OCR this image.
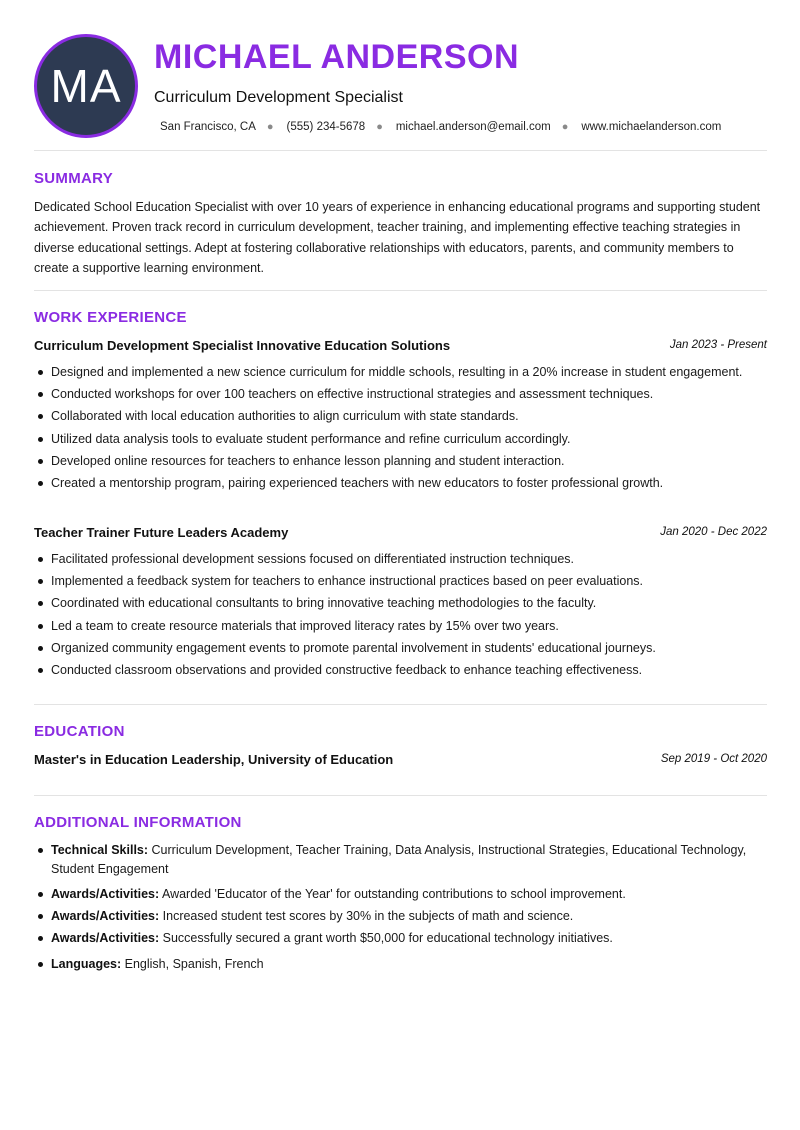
MA
MICHAEL ANDERSON
Curriculum Development Specialist
San Francisco, CA ● (555) 234-5678 ● michael.anderson@email.com ● www.michaelanderson.com
SUMMARY
Dedicated School Education Specialist with over 10 years of experience in enhancing educational programs and supporting student achievement. Proven track record in curriculum development, teacher training, and implementing effective teaching strategies in diverse educational settings. Adept at fostering collaborative relationships with educators, parents, and community members to create a supportive learning environment.
WORK EXPERIENCE
Curriculum Development Specialist Innovative Education Solutions	Jan 2023 - Present
Designed and implemented a new science curriculum for middle schools, resulting in a 20% increase in student engagement.
Conducted workshops for over 100 teachers on effective instructional strategies and assessment techniques.
Collaborated with local education authorities to align curriculum with state standards.
Utilized data analysis tools to evaluate student performance and refine curriculum accordingly.
Developed online resources for teachers to enhance lesson planning and student interaction.
Created a mentorship program, pairing experienced teachers with new educators to foster professional growth.
Teacher Trainer Future Leaders Academy	Jan 2020 - Dec 2022
Facilitated professional development sessions focused on differentiated instruction techniques.
Implemented a feedback system for teachers to enhance instructional practices based on peer evaluations.
Coordinated with educational consultants to bring innovative teaching methodologies to the faculty.
Led a team to create resource materials that improved literacy rates by 15% over two years.
Organized community engagement events to promote parental involvement in students' educational journeys.
Conducted classroom observations and provided constructive feedback to enhance teaching effectiveness.
EDUCATION
Master's in Education Leadership, University of Education	Sep 2019 - Oct 2020
ADDITIONAL INFORMATION
Technical Skills: Curriculum Development, Teacher Training, Data Analysis, Instructional Strategies, Educational Technology, Student Engagement
Awards/Activities: Awarded 'Educator of the Year' for outstanding contributions to school improvement.
Awards/Activities: Increased student test scores by 30% in the subjects of math and science.
Awards/Activities: Successfully secured a grant worth $50,000 for educational technology initiatives.
Languages: English, Spanish, French
